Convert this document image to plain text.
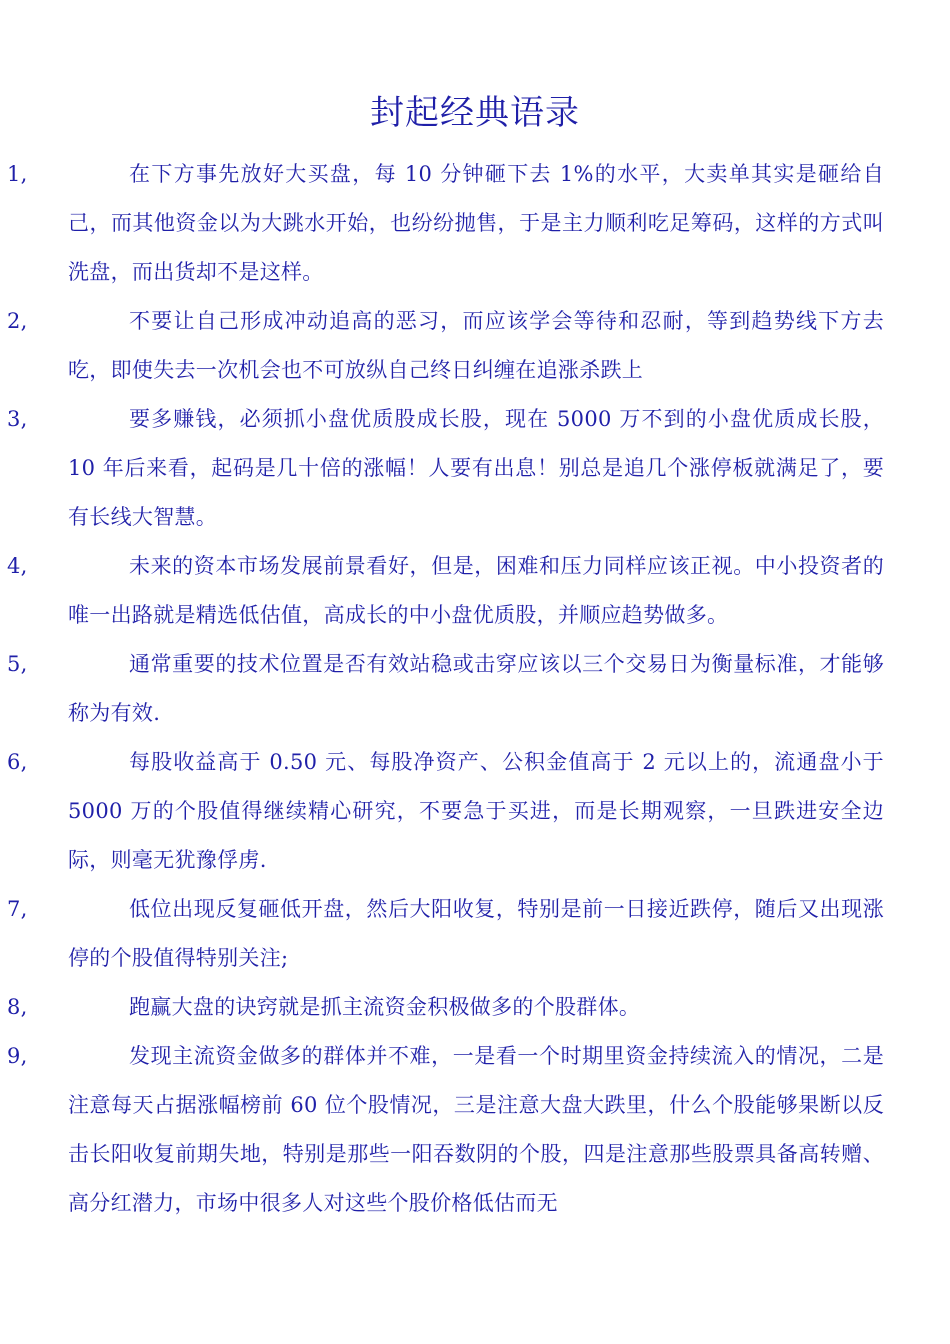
封起经典语录

1,	在下方事先放好大买盘，每 10 分钟砸下去 1%的水平，大卖单其实是砸给自己，而其他资金以为大跳水开始，也纷纷抛售，于是主力顺利吃足筹码，这样的方式叫洗盘，而出货却不是这样。

2,	不要让自己形成冲动追高的恶习，而应该学会等待和忍耐，等到趋势线下方去吃，即使失去一次机会也不可放纵自己终日纠缠在追涨杀跌上

3,	要多赚钱，必须抓小盘优质股成长股，现在 5000 万不到的小盘优质成长股，10 年后来看，起码是几十倍的涨幅！人要有出息！别总是追几个涨停板就满足了，要有长线大智慧。

4,	未来的资本市场发展前景看好，但是，困难和压力同样应该正视。中小投资者的唯一出路就是精选低估值，高成长的中小盘优质股，并顺应趋势做多。

5,	通常重要的技术位置是否有效站稳或击穿应该以三个交易日为衡量标准，才能够称为有效.

6,	每股收益高于 0.50 元、每股净资产、公积金值高于 2 元以上的，流通盘小于 5000 万的个股值得继续精心研究，不要急于买进，而是长期观察，一旦跌进安全边际，则毫无犹豫俘虏.

7,	低位出现反复砸低开盘，然后大阳收复，特别是前一日接近跌停，随后又出现涨停的个股值得特别关注;

8,	跑赢大盘的诀窍就是抓主流资金积极做多的个股群体。

9,	发现主流资金做多的群体并不难，一是看一个时期里资金持续流入的情况，二是注意每天占据涨幅榜前 60 位个股情况，三是注意大盘大跌里，什么个股能够果断以反击长阳收复前期失地，特别是那些一阳吞数阴的个股，四是注意那些股票具备高转赠、高分红潜力，市场中很多人对这些个股价格低估而无
